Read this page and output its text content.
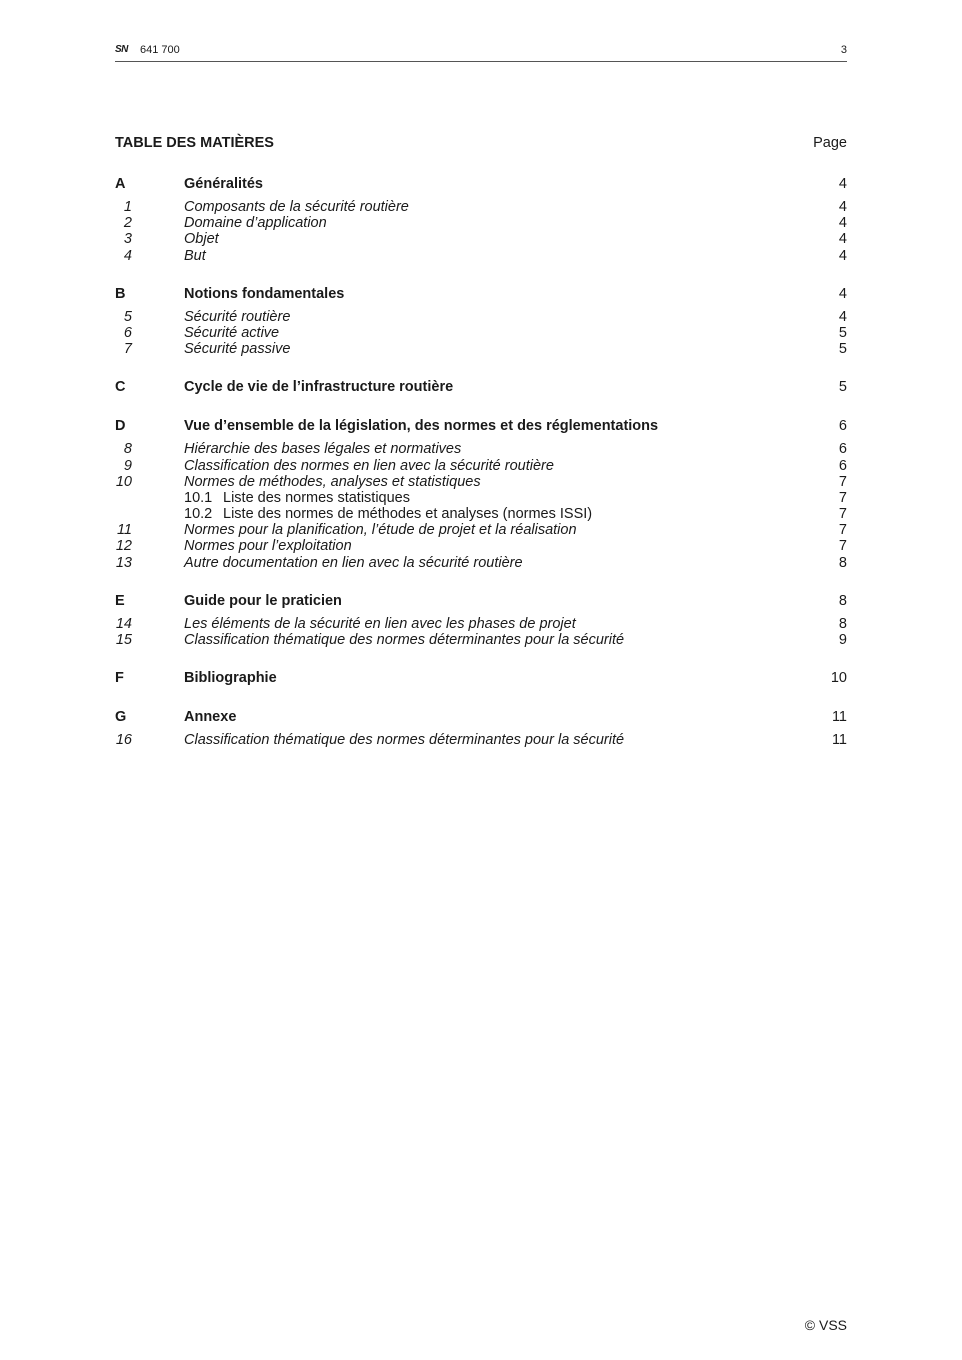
SN 641 700	3
TABLE DES MATIÈRES	Page
A	Généralités	4
1	Composants de la sécurité routière	4
2	Domaine d’application	4
3	Objet	4
4	But	4
B	Notions fondamentales	4
5	Sécurité routière	4
6	Sécurité active	5
7	Sécurité passive	5
C	Cycle de vie de l’infrastructure routière	5
D	Vue d’ensemble de la législation, des normes et des réglementations	6
8	Hiérarchie des bases légales et normatives	6
9	Classification des normes en lien avec la sécurité routière	6
10	Normes de méthodes, analyses et statistiques	7
10.1 Liste des normes statistiques	7
10.2 Liste des normes de méthodes et analyses (normes ISSI)	7
11	Normes pour la planification, l’étude de projet et la réalisation	7
12	Normes pour l’exploitation	7
13	Autre documentation en lien avec la sécurité routière	8
E	Guide pour le praticien	8
14	Les éléments de la sécurité en lien avec les phases de projet	8
15	Classification thématique des normes déterminantes pour la sécurité	9
F	Bibliographie	10
G	Annexe	11
16	Classification thématique des normes déterminantes pour la sécurité	11
© VSS
